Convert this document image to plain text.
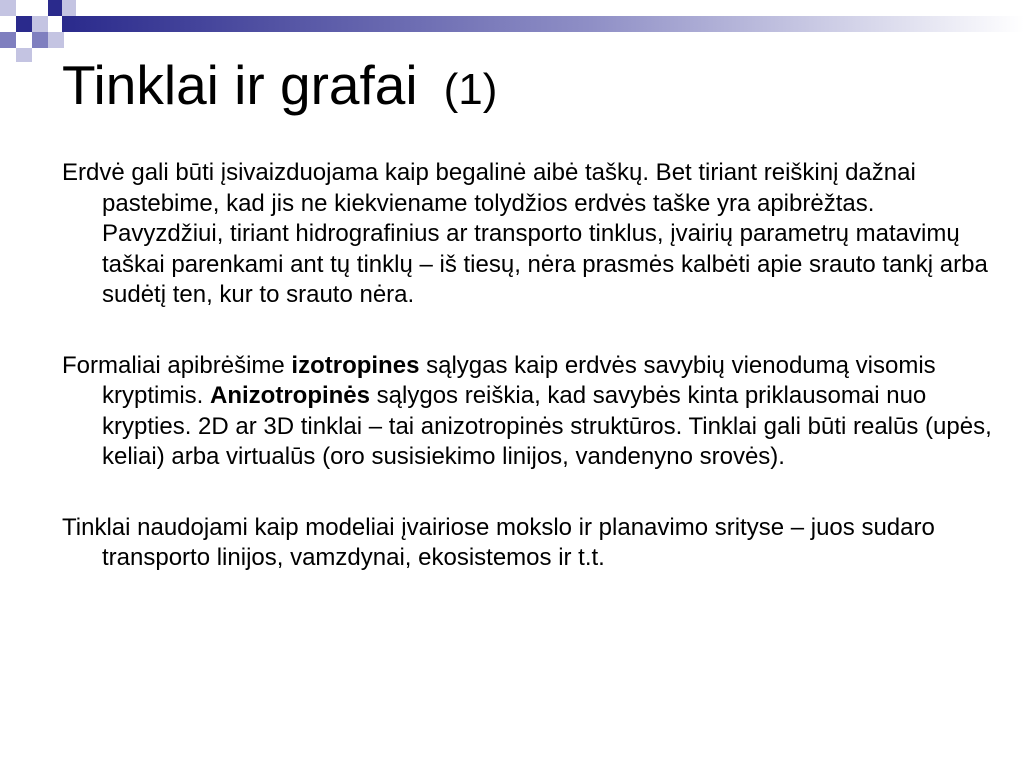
Tinklai ir grafai (1)

Erdvė gali būti įsivaizduojama kaip begalinė aibė taškų. Bet tiriant reiškinį dažnai pastebime, kad jis ne kiekviename tolydžios erdvės taške yra apibrėžtas. Pavyzdžiui, tiriant hidrografinius ar transporto tinklus, įvairių parametrų matavimų taškai parenkami ant tų tinklų – iš tiesų, nėra prasmės kalbėti apie srauto tankį arba sudėtį ten, kur to srauto nėra.

Formaliai apibrėšime izotropines sąlygas kaip erdvės savybių vienodumą visomis kryptimis. Anizotropinės sąlygos reiškia, kad savybės kinta priklausomai nuo krypties. 2D ar 3D tinklai – tai anizotropinės struktūros. Tinklai gali būti realūs (upės, keliai) arba virtualūs (oro susisiekimo linijos, vandenyno srovės).

Tinklai naudojami kaip modeliai įvairiose mokslo ir planavimo srityse – juos sudaro transporto linijos, vamzdynai, ekosistemos ir t.t.
